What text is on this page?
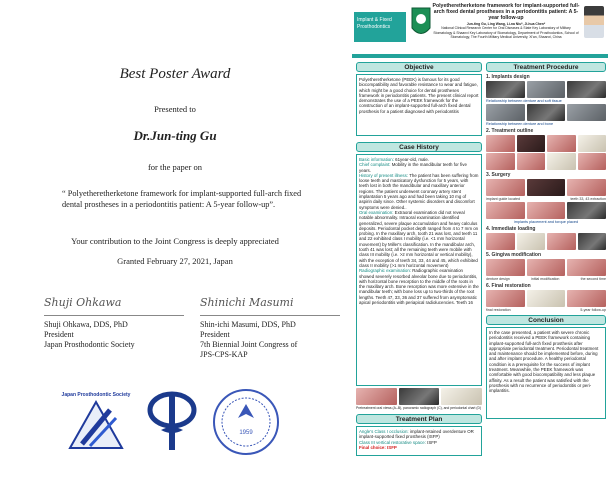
Best Poster Award
Presented to
Dr.Jun-ting Gu
for the paper on
“ Polyetheretherketone framework for implant-supported full-arch fixed dental prostheses in a periodontitis patient: A 5-year follow-up”.
Your contribution to the Joint Congress is deeply appreciated
Granted February 27, 2021, Japan
Shuji Ohkawa
Shuji Ohkawa, DDS, PhD
President
Japan Prosthodontic Society
Shinichi Masumi
Shin-ichi Masumi, DDS, PhD
President
7th Biennial Joint Congress of
JPS-CPS-KAP
Japan Prosthodontic Society
1959
Implant & Fixed Prosthodontics
Polyetheretherketone framework for implant-supported full-arch fixed dental prostheses in a periodontitis patient: A 5-year follow-up
Jun-ting Gu, Ling Wang, Li-na Niu*, Ji-hua Chen*
National Clinical Research Center for Oral Diseases & State Key Laboratory of Military Stomatology & Shaanxi Key Laboratory of Stomatology, Department of Prosthodontics, School of Stomatology, The Fourth Military Medical University, Xi'an, Shaanxi, China
Objective
Polyetheretherketone (PEEK) is famous for its good biocompatibility and favorable resistance to wear and fatigue, which might be a good choice for dental prostheses framework in periodontitis patients. The present clinical report demonstrates the use of a PEEK framework for the construction of an implant-supported full-arch fixed dental prosthesis for a patient diagnosed with periodontitis
Case History
Basic information: 61year-old, male.
Chief complaint: Mobility in the mandibular teeth for five years.
History of present illness: The patient has been suffering from loose teeth and masticatory dysfunction for 5 years, with teeth lost in both the mandibular and maxillary anterior regions. The patient underwent coronary artery stent implantation 5 years ago and had been taking 10 mg of aspirin daily since. Other systemic disorders and discomfort symptoms were denied..
Oral examination: Extraoral examination did not reveal notable abnormality. Intraoral examination identified generalized, severe plaque accumulation and heavy calculus deposits. Periodontal pocket depth ranged from 4 to 7 mm on probing. In the maxillary arch, tooth 21 was lost, and teeth 11 and 22 exhibited class I mobility (i.e. <1 mm horizontal movement) by Miller's classification. In the mandibular arch, tooth 41 was lost; all the remaining teeth were mobile with class III mobility (i.e. >2 mm horizontal or vertical mobility), with the exception of teeth 34, 33, 44 and 45, which exhibited class II mobility (>1 mm horizontal movement)
Radiographic examination: Radiographic examination showed severely resorbed alveolar bone due to periodontitis, with horizontal bone resorption to the middle of the roots in the maxillary arch. Bone resorption was more extensive in the mandibular teeth; with bone loss up to two-thirds of the root lengths. Teeth 47, 33, 36 and 37 suffered from asymptomatic apical periodontitis with periapical radiolucencies. Teeth 16
Pretreatment oral views (A–B), panoramic radiograph (C), and periodontal chart (D)
Treatment Plan
Angle's Class I occlusion: implant-retained overdenture OR implant-supported fixed prosthesis (ISFP)
Class III vertical restorative space: ISFP
Final choice: ISFP
Treatment Procedure
1. Implants design
Relationship between denture and soft tissue
Relationship between denture and bone
2. Treatment outline
3. Surgery
implant guide located	teeth 33, 43 extraction
implants placement and torque placed
4. Immediate loading
5. Gingiva modification
denture design	initial modification	the second time
6. Final restoration
final restoration	5-year follow-up
Conclusion
In the case presented, a patient with severe chronic periodontitis received a PEEK framework containing implant-supported full-arch fixed prosthesis after appropriate periodontal treatment. Periodontal treatment and maintenance should be implemented before, during and after implant procedure. A healthy periodontal condition is a prerequisite for the success of implant treatment. Meanwhile, the PEEK framework was comfortable with good biocompatibility and less plaque affinity. As a result the patient was satisfied with the prosthesis with no recurrence of periodontitis or peri-implantitis.
